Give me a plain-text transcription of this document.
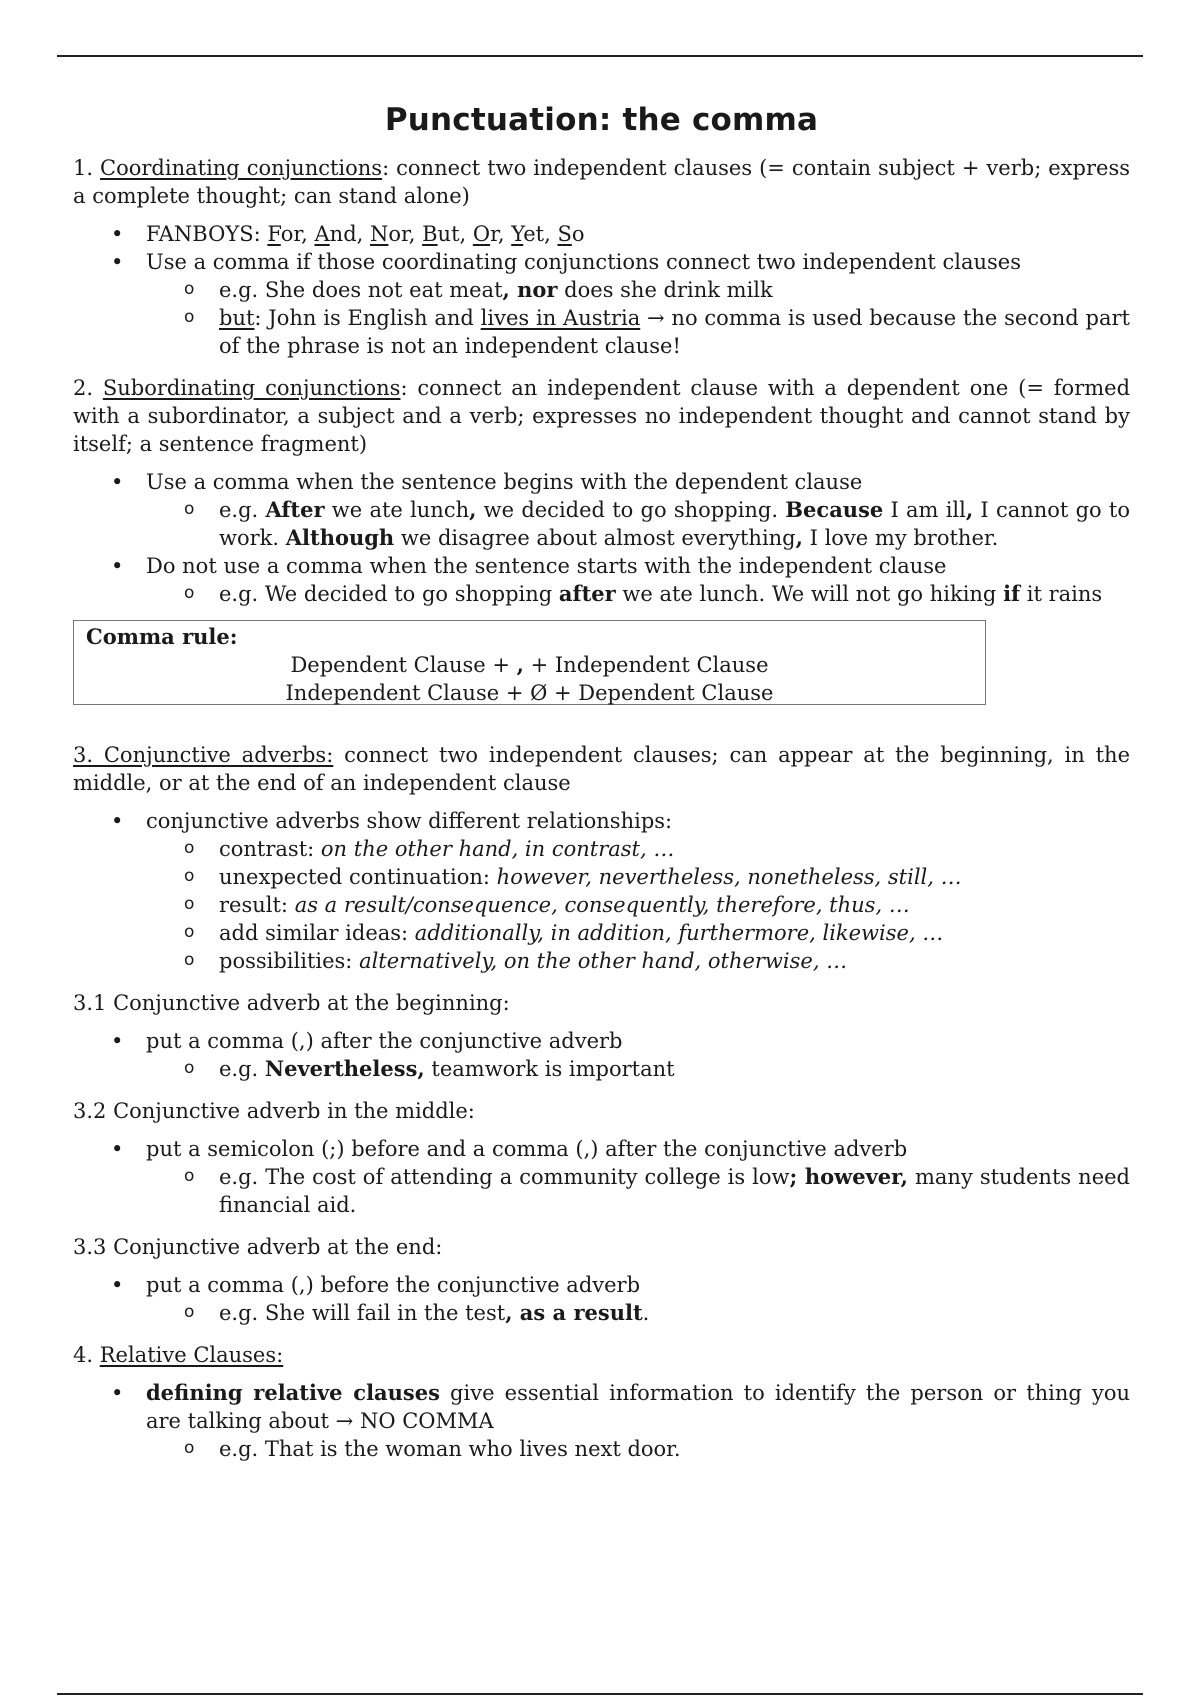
Punctuation: the comma

1. Coordinating conjunctions: connect two independent clauses (= contain subject + verb; express a complete thought; can stand alone)

• FANBOYS: For, And, Nor, But, Or, Yet, So
• Use a comma if those coordinating conjunctions connect two independent clauses
o e.g. She does not eat meat, nor does she drink milk
o but: John is English and lives in Austria → no comma is used because the second part of the phrase is not an independent clause!

2. Subordinating conjunctions: connect an independent clause with a dependent one (= formed with a subordinator, a subject and a verb; expresses no independent thought and cannot stand by itself; a sentence fragment)

• Use a comma when the sentence begins with the dependent clause
o e.g. After we ate lunch, we decided to go shopping. Because I am ill, I cannot go to work. Although we disagree about almost everything, I love my brother.
• Do not use a comma when the sentence starts with the independent clause
o e.g. We decided to go shopping after we ate lunch. We will not go hiking if it rains
Comma rule:
Dependent Clause + , + Independent Clause
Independent Clause + Ø + Dependent Clause

3. Conjunctive adverbs: connect two independent clauses; can appear at the beginning, in the middle, or at the end of an independent clause

• conjunctive adverbs show different relationships:
o contrast: on the other hand, in contrast, …
o unexpected continuation: however, nevertheless, nonetheless, still, …
o result: as a result/consequence, consequently, therefore, thus, …
o add similar ideas: additionally, in addition, furthermore, likewise, …
o possibilities: alternatively, on the other hand, otherwise, …

3.1 Conjunctive adverb at the beginning:

• put a comma (,) after the conjunctive adverb
o e.g. Nevertheless, teamwork is important

3.2 Conjunctive adverb in the middle:

• put a semicolon (;) before and a comma (,) after the conjunctive adverb
o e.g. The cost of attending a community college is low; however, many students need financial aid.

3.3 Conjunctive adverb at the end:

• put a comma (,) before the conjunctive adverb
o e.g. She will fail in the test, as a result.

4. Relative Clauses:

• defining relative clauses give essential information to identify the person or thing you are talking about → NO COMMA
o e.g. That is the woman who lives next door.
